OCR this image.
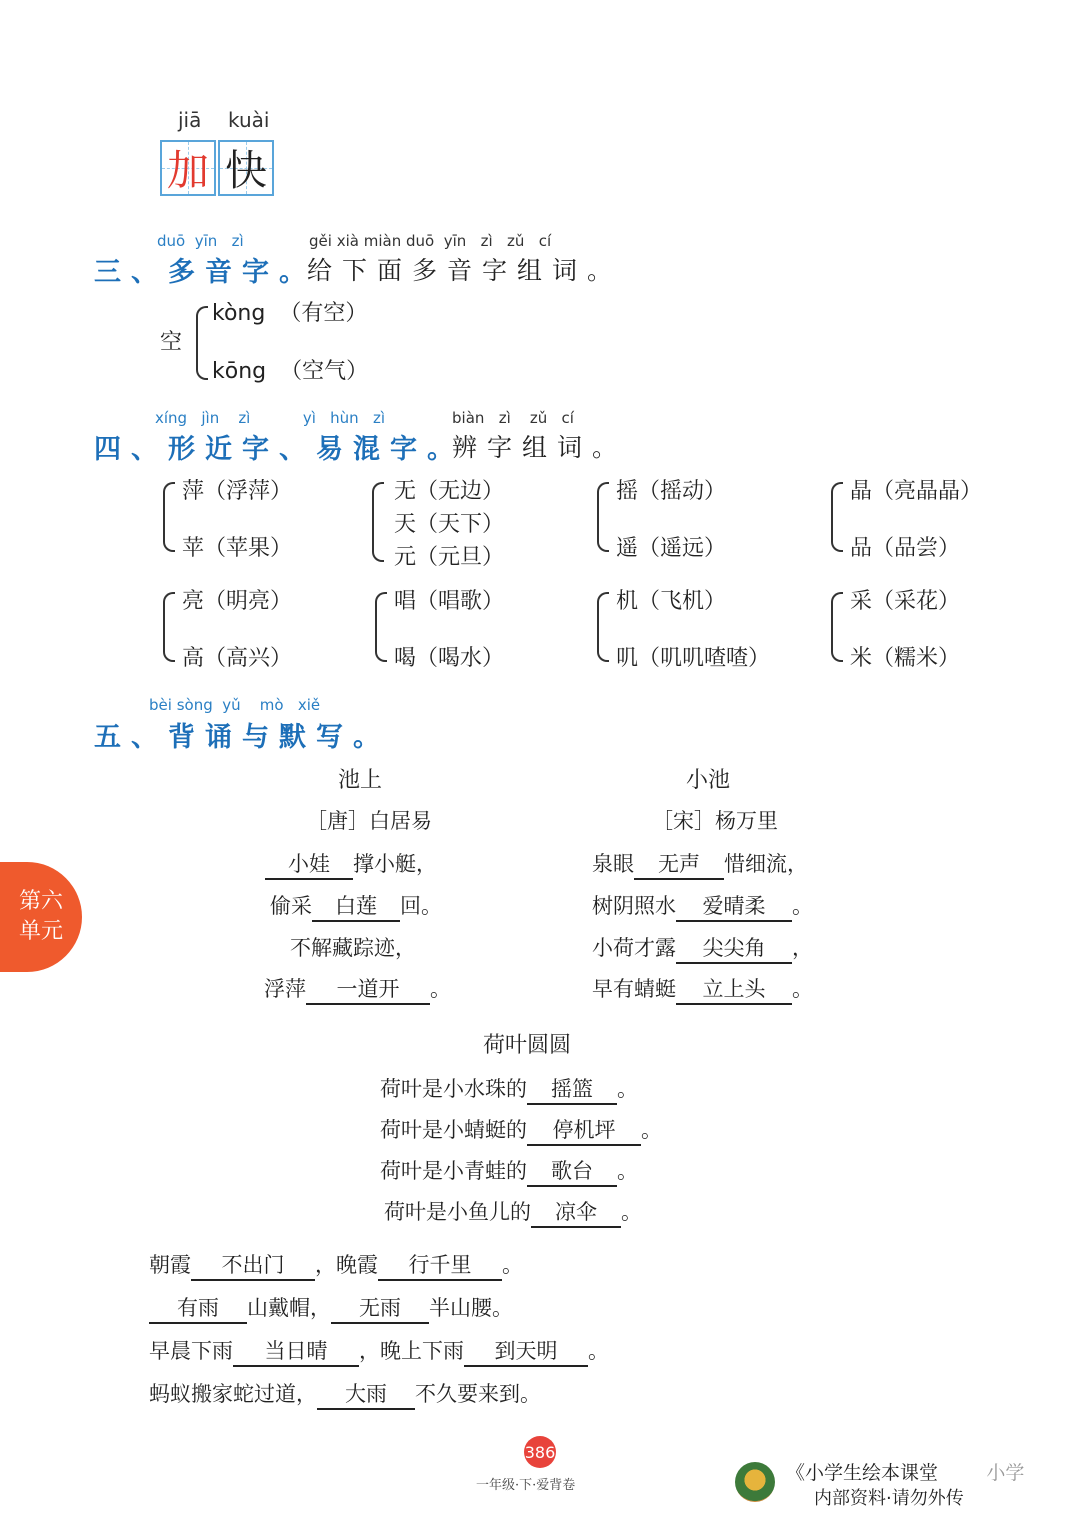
jiā kuài
加 快
duō yīn zì	gěi xià miàn duō yīn zì zǔ cí
三、多音字。
给下面多音字组词。
空
kòng （有空）
kōng （空气）
xíng jìn zì	yì hùn zì	biàn zì zǔ cí
四、形近字、易混字。
辨字组词。
萍（浮萍）
苹（苹果）
无（无边）
天（天下）
元（元旦）
摇（摇动）
遥（遥远）
晶（亮晶晶）
品（品尝）
亮（明亮）
高（高兴）
唱（唱歌）
喝（喝水）
机（飞机）
叽（叽叽喳喳）
采（采花）
米（糯米）
bèi sòng yǔ mò xiě
五、背诵与默写。
池上
［唐］白居易
小娃 撑小艇，
偷采 白莲 回。
不解藏踪迹，
浮萍 一道开 。
小池
［宋］杨万里
泉眼 无声 惜细流，
树阴照水 爱晴柔 。
小荷才露 尖尖角 ，
早有蜻蜓 立上头 。
荷叶圆圆
荷叶是小水珠的 摇篮 。
荷叶是小蜻蜓的 停机坪 。
荷叶是小青蛙的 歌台 。
荷叶是小鱼儿的 凉伞 。
朝霞 不出门 ，晚霞 行千里 。
有雨 山戴帽， 无雨 半山腰。
早晨下雨 当日晴 ，晚上下雨 到天明 。
蚂蚁搬家蛇过道， 大雨 不久要来到。
第六
单元
386
一年级·下·爱背卷
《小学生绘本课堂	小学
内部资料·请勿外传
